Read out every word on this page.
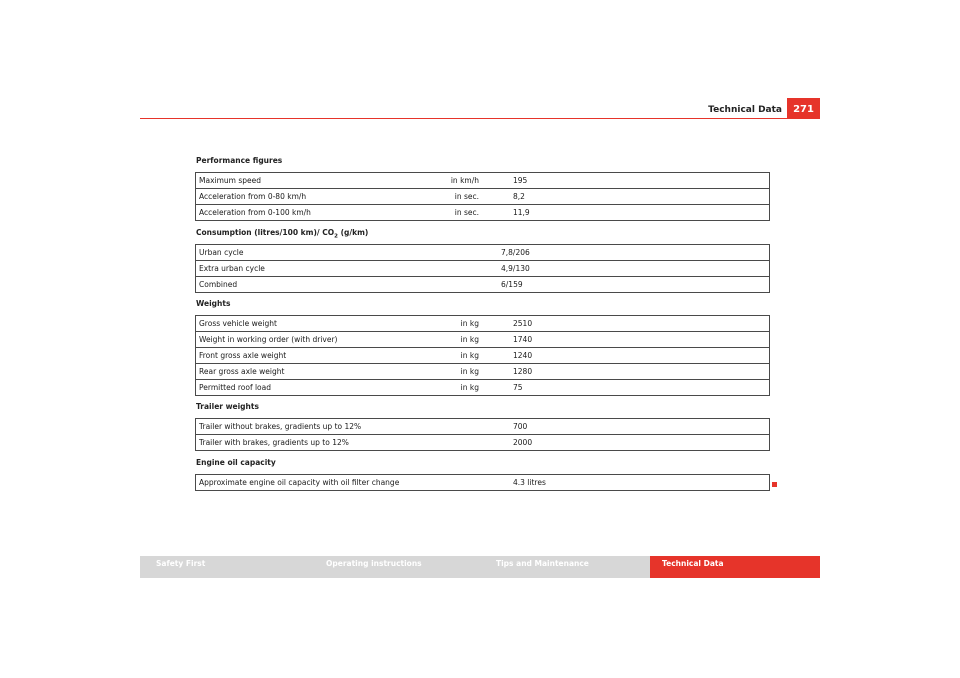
Technical Data	271
Performance figures
Maximum speed	in km/h	195
Acceleration from 0-80 km/h	in sec.	8,2
Acceleration from 0-100 km/h	in sec.	11,9
Consumption (litres/100 km)/ $CO_2$ (g/km)
Urban cycle	7,8/206
Extra urban cycle	4,9/130
Combined	6/159
Weights
Gross vehicle weight	in kg	2510
Weight in working order (with driver)	in kg	1740
Front gross axle weight	in kg	1240
Rear gross axle weight	in kg	1280
Permitted roof load	in kg	75
Trailer weights
Trailer without brakes, gradients up to 12%	700
Trailer with brakes, gradients up to 12%	2000
Engine oil capacity
Approximate engine oil capacity with oil filter change	4.3 litres
Safety First	Operating instructions	Tips and Maintenance	Technical Data
